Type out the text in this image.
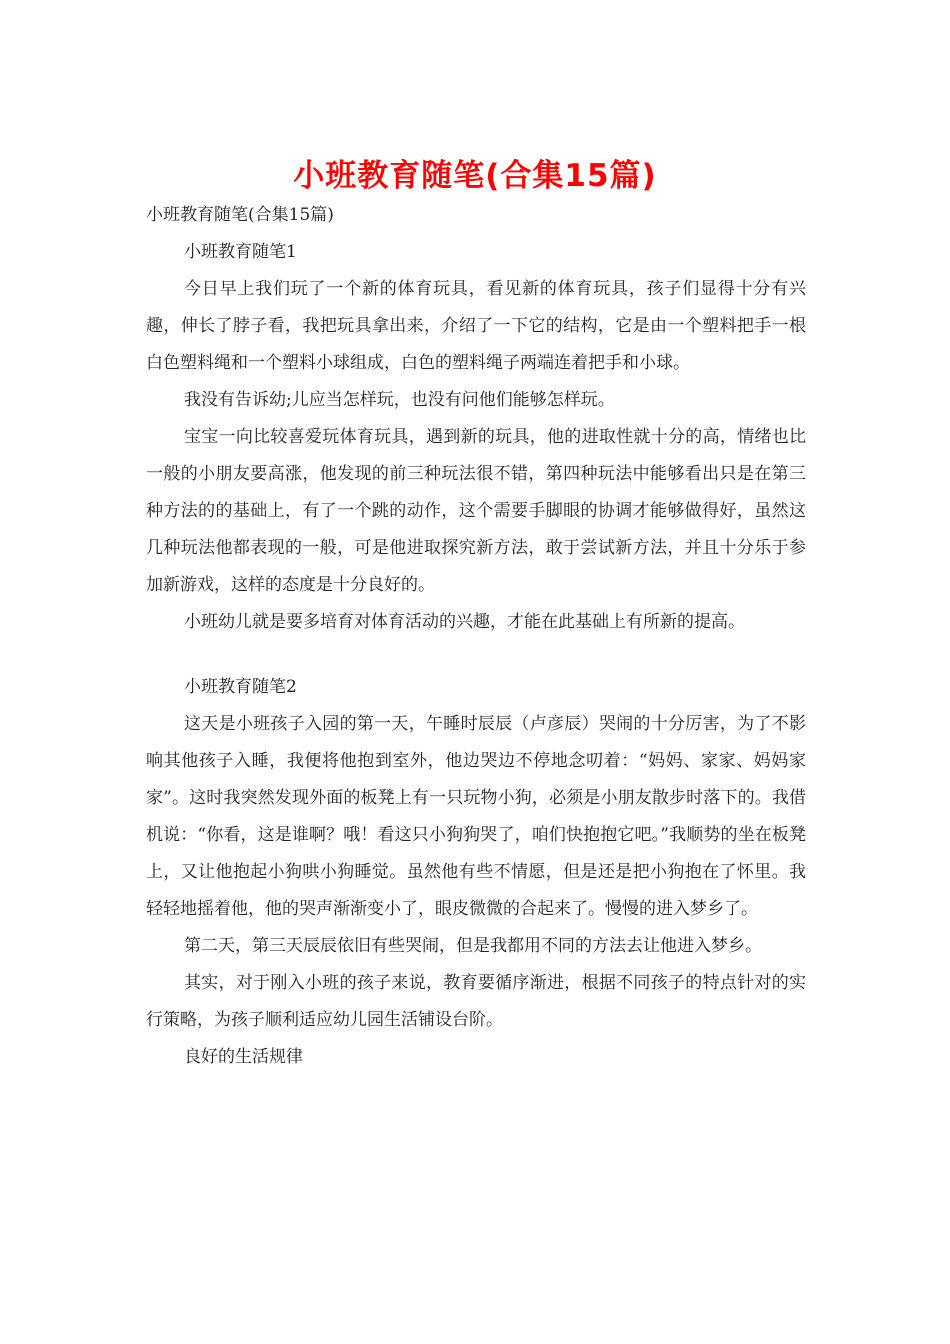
小班教育随笔(合集15篇)

小班教育随笔(合集15篇)

小班教育随笔1

今日早上我们玩了一个新的体育玩具，看见新的体育玩具，孩子们显得十分有兴趣，伸长了脖子看，我把玩具拿出来，介绍了一下它的结构，它是由一个塑料把手一根白色塑料绳和一个塑料小球组成，白色的塑料绳子两端连着把手和小球。

我没有告诉幼;儿应当怎样玩，也没有问他们能够怎样玩。

宝宝一向比较喜爱玩体育玩具，遇到新的玩具，他的进取性就十分的高，情绪也比一般的小朋友要高涨，他发现的前三种玩法很不错，第四种玩法中能够看出只是在第三种方法的的基础上，有了一个跳的动作，这个需要手脚眼的协调才能够做得好，虽然这几种玩法他都表现的一般，可是他进取探究新方法，敢于尝试新方法，并且十分乐于参加新游戏，这样的态度是十分良好的。

小班幼儿就是要多培育对体育活动的兴趣，才能在此基础上有所新的提高。

小班教育随笔2

这天是小班孩子入园的第一天，午睡时辰辰（卢彦辰）哭闹的十分厉害，为了不影响其他孩子入睡，我便将他抱到室外，他边哭边不停地念叨着：“妈妈、家家、妈妈家家”。这时我突然发现外面的板凳上有一只玩物小狗，必须是小朋友散步时落下的。我借机说：“你看，这是谁啊？哦！看这只小狗狗哭了，咱们快抱抱它吧。”我顺势的坐在板凳上，又让他抱起小狗哄小狗睡觉。虽然他有些不情愿，但是还是把小狗抱在了怀里。我轻轻地摇着他，他的哭声渐渐变小了，眼皮微微的合起来了。慢慢的进入梦乡了。

第二天，第三天辰辰依旧有些哭闹，但是我都用不同的方法去让他进入梦乡。

其实，对于刚入小班的孩子来说，教育要循序渐进，根据不同孩子的特点针对的实行策略，为孩子顺利适应幼儿园生活铺设台阶。

良好的生活规律
